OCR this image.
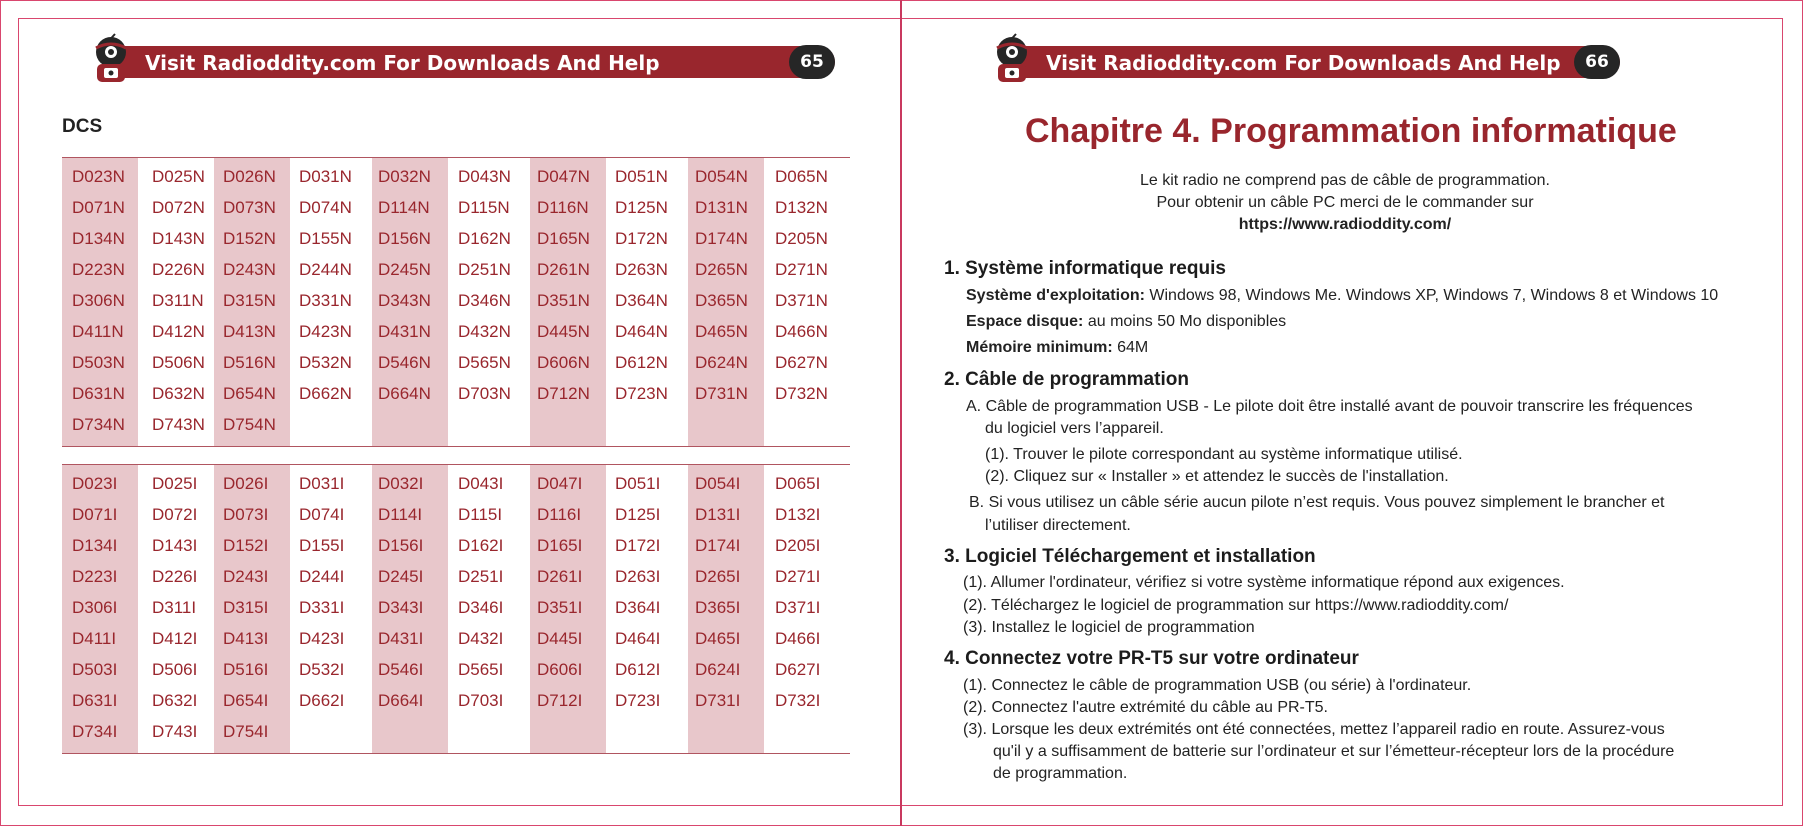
Visit Radioddity.com For Downloads And Help	65
DCS
D023N D025N D026N D031N D032N D043N D047N D051N D054N D065N
D071N D072N D073N D074N D114N D115N D116N D125N D131N D132N
D134N D143N D152N D155N D156N D162N D165N D172N D174N D205N
D223N D226N D243N D244N D245N D251N D261N D263N D265N D271N
D306N D311N D315N D331N D343N D346N D351N D364N D365N D371N
D411N D412N D413N D423N D431N D432N D445N D464N D465N D466N
D503N D506N D516N D532N D546N D565N D606N D612N D624N D627N
D631N D632N D654N D662N D664N D703N D712N D723N D731N D732N
D734N D743N D754N
D023I D025I D026I D031I D032I D043I D047I D051I D054I D065I
D071I D072I D073I D074I D114I D115I D116I D125I D131I D132I
D134I D143I D152I D155I D156I D162I D165I D172I D174I D205I
D223I D226I D243I D244I D245I D251I D261I D263I D265I D271I
D306I D311I D315I D331I D343I D346I D351I D364I D365I D371I
D411I D412I D413I D423I D431I D432I D445I D464I D465I D466I
D503I D506I D516I D532I D546I D565I D606I D612I D624I D627I
D631I D632I D654I D662I D664I D703I D712I D723I D731I D732I
D734I D743I D754I
Visit Radioddity.com For Downloads And Help	66
Chapitre 4. Programmation informatique
Le kit radio ne comprend pas de câble de programmation.
Pour obtenir un câble PC merci de le commander sur
https://www.radioddity.com/
1. Système informatique requis
Système d'exploitation: Windows 98, Windows Me. Windows XP, Windows 7, Windows 8 et Windows 10
Espace disque: au moins 50 Mo disponibles
Mémoire minimum: 64M
2. Câble de programmation
A. Câble de programmation USB - Le pilote doit être installé avant de pouvoir transcrire les fréquences
du logiciel vers l’appareil.
(1). Trouver le pilote correspondant au système informatique utilisé.
(2). Cliquez sur « Installer » et attendez le succès de l'installation.
B. Si vous utilisez un câble série aucun pilote n’est requis. Vous pouvez simplement le brancher et
l’utiliser directement.
3. Logiciel Téléchargement et installation
(1). Allumer l'ordinateur, vérifiez si votre système informatique répond aux exigences.
(2). Téléchargez le logiciel de programmation sur https://www.radioddity.com/
(3). Installez le logiciel de programmation
4. Connectez votre PR-T5 sur votre ordinateur
(1). Connectez le câble de programmation USB (ou série) à l'ordinateur.
(2). Connectez l'autre extrémité du câble au PR-T5.
(3). Lorsque les deux extrémités ont été connectées, mettez l’appareil radio en route. Assurez-vous
qu'il y a suffisamment de batterie sur l’ordinateur et sur l’émetteur-récepteur lors de la procédure
de programmation.
